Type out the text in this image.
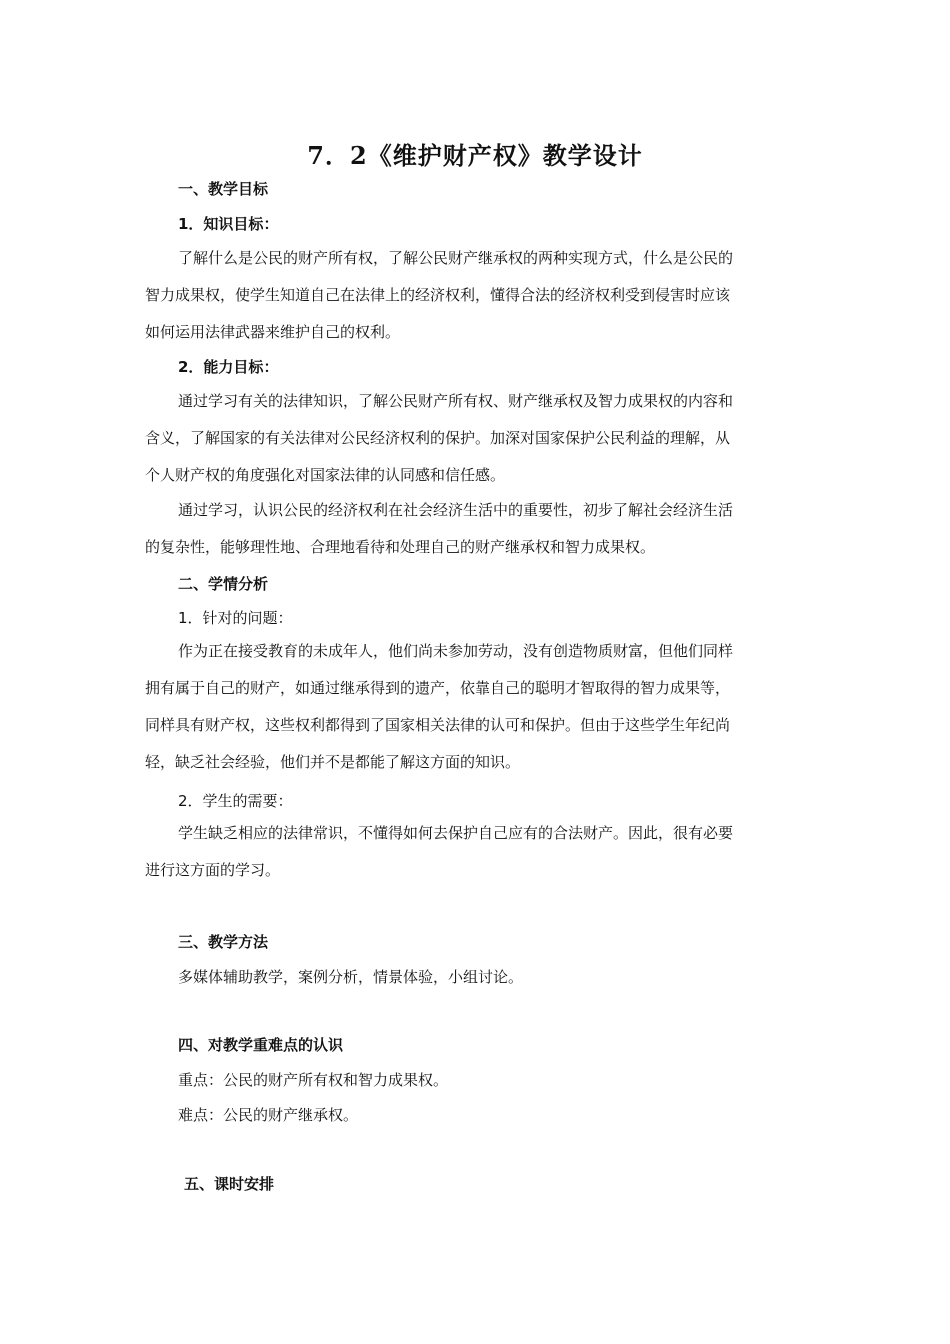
7．2《维护财产权》教学设计
一、教学目标
1．知识目标：
了解什么是公民的财产所有权，了解公民财产继承权的两种实现方式，什么是公民的
智力成果权，使学生知道自己在法律上的经济权利，懂得合法的经济权利受到侵害时应该
如何运用法律武器来维护自己的权利。
2．能力目标：
通过学习有关的法律知识，了解公民财产所有权、财产继承权及智力成果权的内容和
含义，了解国家的有关法律对公民经济权利的保护。加深对国家保护公民利益的理解，从
个人财产权的角度强化对国家法律的认同感和信任感。
通过学习，认识公民的经济权利在社会经济生活中的重要性，初步了解社会经济生活
的复杂性，能够理性地、合理地看待和处理自己的财产继承权和智力成果权。
二、学情分析
1．针对的问题：
作为正在接受教育的未成年人，他们尚未参加劳动，没有创造物质财富，但他们同样
拥有属于自己的财产，如通过继承得到的遗产，依靠自己的聪明才智取得的智力成果等，
同样具有财产权，这些权利都得到了国家相关法律的认可和保护。但由于这些学生年纪尚
轻，缺乏社会经验，他们并不是都能了解这方面的知识。
2．学生的需要：
学生缺乏相应的法律常识，不懂得如何去保护自己应有的合法财产。因此，很有必要
进行这方面的学习。
三、教学方法
多媒体辅助教学，案例分析，情景体验，小组讨论。
四、对教学重难点的认识
重点：公民的财产所有权和智力成果权。
难点：公民的财产继承权。
五、课时安排
